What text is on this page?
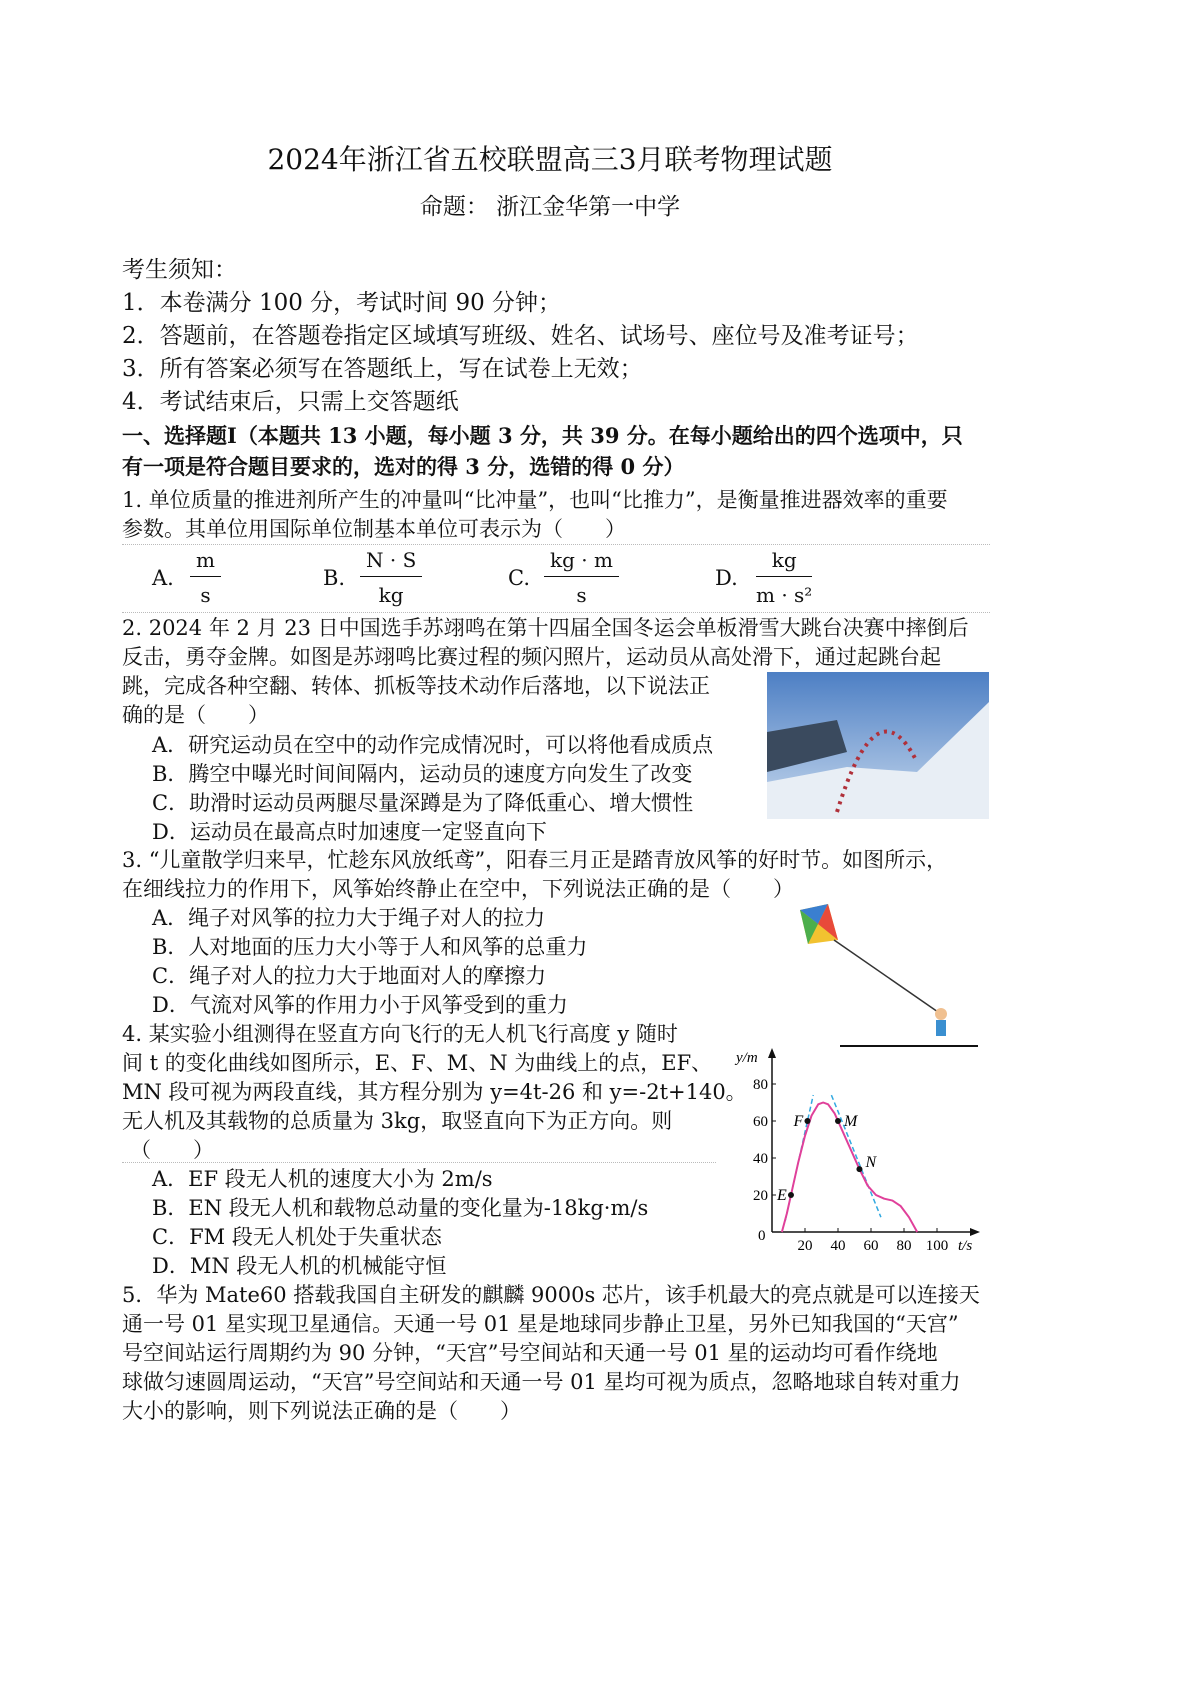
2024年浙江省五校联盟高三3月联考物理试题
命题： 浙江金华第一中学
考生须知：
1．本卷满分 100 分，考试时间 90 分钟；
2．答题前，在答题卷指定区域填写班级、姓名、试场号、座位号及准考证号；
3．所有答案必须写在答题纸上，写在试卷上无效；
4．考试结束后，只需上交答题纸
一、选择题Ⅰ（本题共 13 小题，每小题 3 分，共 39 分。在每小题给出的四个选项中，只
有一项是符合题目要求的，选对的得 3 分，选错的得 0 分）
1. 单位质量的推进剂所产生的冲量叫“比冲量”，也叫“比推力”，是衡量推进器效率的重要
参数。其单位用国际单位制基本单位可表示为（　　）
A. $\frac{m}{s}$	B. $\frac{N \cdot S}{kg}$	C. $\frac{kg \cdot m}{s}$	D. $\frac{kg}{\text{m · s²}}$
2. 2024 年 2 月 23 日中国选手苏翊鸣在第十四届全国冬运会单板滑雪大跳台决赛中摔倒后
反击，勇夺金牌。如图是苏翊鸣比赛过程的频闪照片，运动员从高处滑下，通过起跳台起
跳，完成各种空翻、转体、抓板等技术动作后落地，以下说法正
确的是（　　）
A．研究运动员在空中的动作完成情况时，可以将他看成质点
B．腾空中曝光时间间隔内，运动员的速度方向发生了改变
C．助滑时运动员两腿尽量深蹲是为了降低重心、增大惯性
D．运动员在最高点时加速度一定竖直向下
3. “儿童散学归来早，忙趁东风放纸鸢”，阳春三月正是踏青放风筝的好时节。如图所示，
在细线拉力的作用下，风筝始终静止在空中，下列说法正确的是（　　）
A．绳子对风筝的拉力大于绳子对人的拉力
B．人对地面的压力大小等于人和风筝的总重力
C．绳子对人的拉力大于地面对人的摩擦力
D．气流对风筝的作用力小于风筝受到的重力
4. 某实验小组测得在竖直方向飞行的无人机飞行高度 y 随时
间 t 的变化曲线如图所示，E、F、M、N 为曲线上的点，EF、
MN 段可视为两段直线，其方程分别为 y=4t-26 和 y=-2t+140。
无人机及其载物的总质量为 3kg，取竖直向下为正方向。则
（　　）
A．EF 段无人机的速度大小为 2m/s
B．EN 段无人机和载物总动量的变化量为-18kg·m/s
C．FM 段无人机处于失重状态
D．MN 段无人机的机械能守恒
y/m
t/s
0
20 40 60 80 100
20
40
60
80
E
F	M
N
5．华为 Mate60 搭载我国自主研发的麒麟 9000s 芯片，该手机最大的亮点就是可以连接天
通一号 01 星实现卫星通信。天通一号 01 星是地球同步静止卫星，另外已知我国的“天宫”
号空间站运行周期约为 90 分钟，“天宫”号空间站和天通一号 01 星的运动均可看作绕地
球做匀速圆周运动，“天宫”号空间站和天通一号 01 星均可视为质点，忽略地球自转对重力
大小的影响，则下列说法正确的是（　　）
